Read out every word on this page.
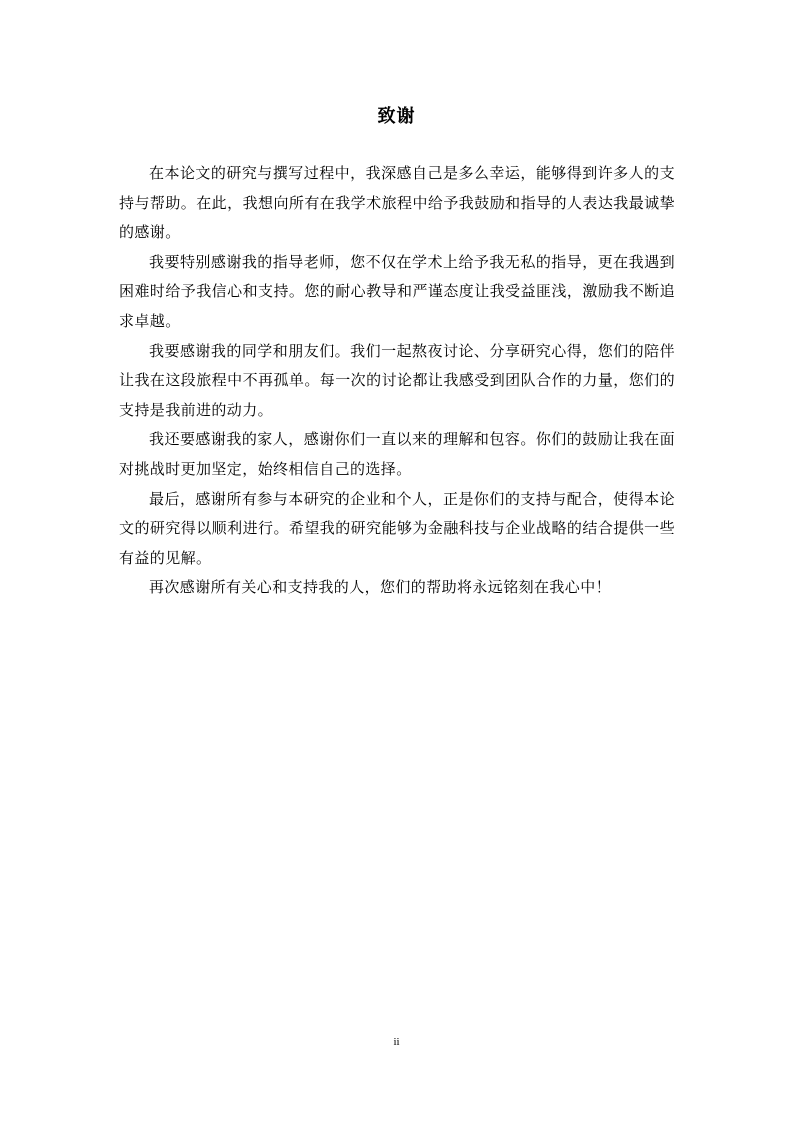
致谢

在本论文的研究与撰写过程中，我深感自己是多么幸运，能够得到许多人的支持与帮助。在此，我想向所有在我学术旅程中给予我鼓励和指导的人表达我最诚挚的感谢。

我要特别感谢我的指导老师，您不仅在学术上给予我无私的指导，更在我遇到困难时给予我信心和支持。您的耐心教导和严谨态度让我受益匪浅，激励我不断追求卓越。

我要感谢我的同学和朋友们。我们一起熬夜讨论、分享研究心得，您们的陪伴让我在这段旅程中不再孤单。每一次的讨论都让我感受到团队合作的力量，您们的支持是我前进的动力。

我还要感谢我的家人，感谢你们一直以来的理解和包容。你们的鼓励让我在面对挑战时更加坚定，始终相信自己的选择。

最后，感谢所有参与本研究的企业和个人，正是你们的支持与配合，使得本论文的研究得以顺利进行。希望我的研究能够为金融科技与企业战略的结合提供一些有益的见解。

再次感谢所有关心和支持我的人，您们的帮助将永远铭刻在我心中！

ii
